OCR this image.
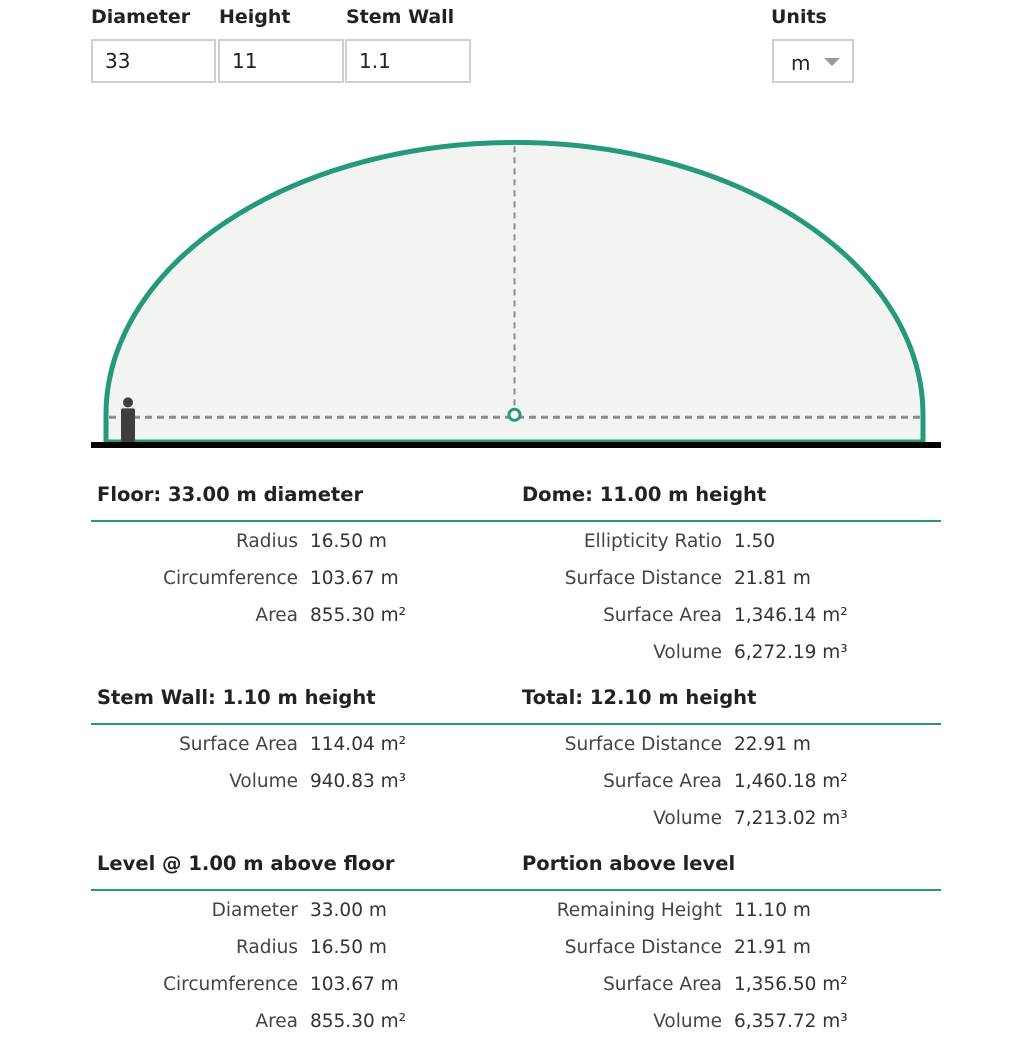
Diameter Height	Stem Wall	Units
33
11
1.1
m
Floor: 33.00 m diameter
Radius 16.50 m
Circumference 103.67 m
Area 855.30 m²
Dome: 11.00 m height
Ellipticity Ratio 1.50
Surface Distance 21.81 m
Surface Area 1,346.14 m²
Volume 6,272.19 m³
Stem Wall: 1.10 m height
Surface Area 114.04 m²
Volume 940.83 m³
Total: 12.10 m height
Surface Distance 22.91 m
Surface Area 1,460.18 m²
Volume 7,213.02 m³
Level @ 1.00 m above floor
Diameter 33.00 m
Radius 16.50 m
Circumference 103.67 m
Area 855.30 m²
Portion above level
Remaining Height 11.10 m
Surface Distance 21.91 m
Surface Area 1,356.50 m²
Volume 6,357.72 m³
